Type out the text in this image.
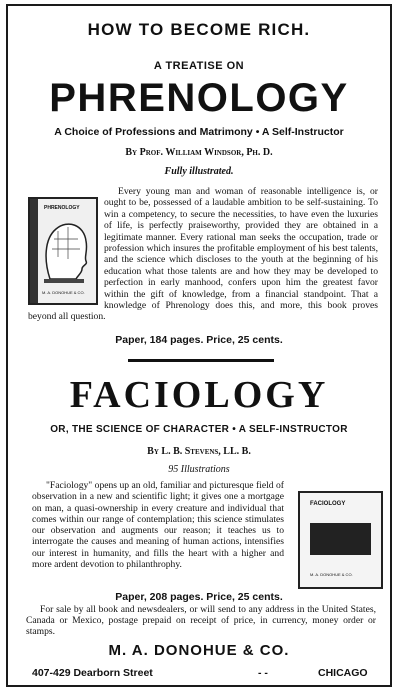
HOW TO BECOME RICH.
A TREATISE ON
PHRENOLOGY
A Choice of Professions and Matrimony • A Self-Instructor
By Prof. William Windsor, Ph. D.
Fully illustrated.

Every young man and woman of reasonable intelligence is, or ought to be, possessed of a laudable ambition to be self-sustaining. To win a competency, to secure the necessities, to have even the luxuries of life, is perfectly praiseworthy, provided they are obtained in a legitimate manner. Every rational man seeks the occupation, trade or profession which insures the profitable employment of his best talents, and the science which discloses to the youth at the beginning of his education what those talents are and how they may be developed to perfection in early manhood, confers upon him the greatest favor within the gift of knowledge, from a financial standpoint. That a knowledge of Phrenology does this, and more, this book proves beyond all question.

PHRENOLOGY
M. A. DONOHUE & CO.
Paper, 184 pages. Price, 25 cents.
FACIOLOGY
OR, THE SCIENCE OF CHARACTER • A SELF-INSTRUCTOR
By L. B. Stevens, LL. B.
95 Illustrations

"Faciology" opens up an old, familiar and picturesque field of observation in a new and scientific light; it gives one a mortgage on man, a quasi-ownership in every creature and individual that comes within our range of contemplation; this science stimulates our observation and augments our reason; it teaches us to interrogate the causes and meaning of human actions, intensifies our interest in humanity, and fills the heart with a higher and more ardent devotion to philanthrophy.

FACIOLOGY
M. A. DONOHUE & CO.
Paper, 208 pages. Price, 25 cents.

For sale by all book and newsdealers, or will send to any address in the United States, Canada or Mexico, postage prepaid on receipt of price, in currency, money order or stamps.

M. A. DONOHUE & CO.
407-429 Dearborn Street	- -	CHICAGO
